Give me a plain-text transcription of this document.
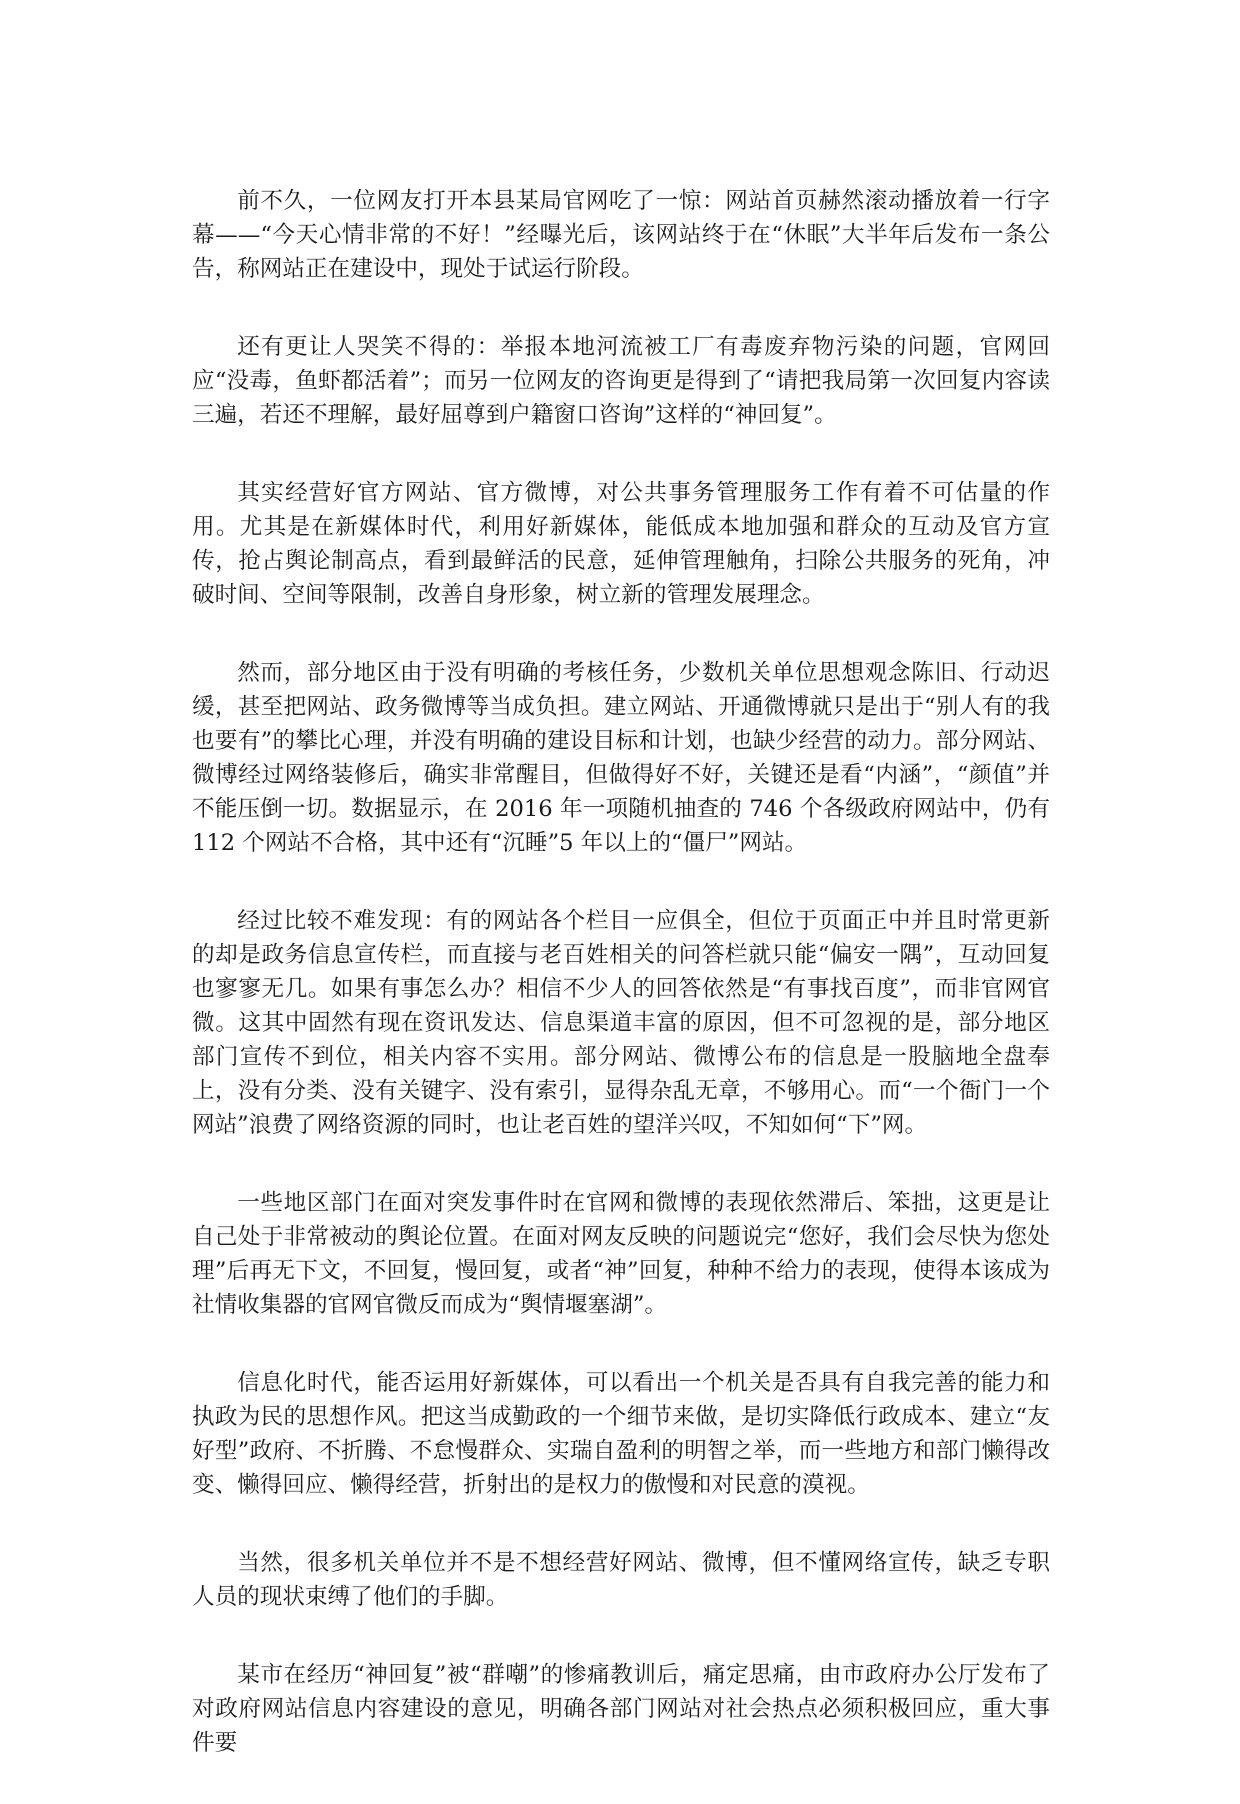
前不久，一位网友打开本县某局官网吃了一惊：网站首页赫然滚动播放着一行字幕——“今天心情非常的不好！”经曝光后，该网站终于在“休眠”大半年后发布一条公告，称网站正在建设中，现处于试运行阶段。

还有更让人哭笑不得的：举报本地河流被工厂有毒废弃物污染的问题，官网回应“没毒，鱼虾都活着”；而另一位网友的咨询更是得到了“请把我局第一次回复内容读三遍，若还不理解，最好屈尊到户籍窗口咨询”这样的“神回复”。

其实经营好官方网站、官方微博，对公共事务管理服务工作有着不可估量的作用。尤其是在新媒体时代，利用好新媒体，能低成本地加强和群众的互动及官方宣传，抢占舆论制高点，看到最鲜活的民意，延伸管理触角，扫除公共服务的死角，冲破时间、空间等限制，改善自身形象，树立新的管理发展理念。

然而，部分地区由于没有明确的考核任务，少数机关单位思想观念陈旧、行动迟缓，甚至把网站、政务微博等当成负担。建立网站、开通微博就只是出于“别人有的我也要有”的攀比心理，并没有明确的建设目标和计划，也缺少经营的动力。部分网站、微博经过网络装修后，确实非常醒目，但做得好不好，关键还是看“内涵”，“颜值”并不能压倒一切。数据显示，在 2016 年一项随机抽查的 746 个各级政府网站中，仍有 112 个网站不合格，其中还有“沉睡”5 年以上的“僵尸”网站。

经过比较不难发现：有的网站各个栏目一应俱全，但位于页面正中并且时常更新的却是政务信息宣传栏，而直接与老百姓相关的问答栏就只能“偏安一隅”，互动回复也寥寥无几。如果有事怎么办？相信不少人的回答依然是“有事找百度”，而非官网官微。这其中固然有现在资讯发达、信息渠道丰富的原因，但不可忽视的是，部分地区部门宣传不到位，相关内容不实用。部分网站、微博公布的信息是一股脑地全盘奉上，没有分类、没有关键字、没有索引，显得杂乱无章，不够用心。而“一个衙门一个网站”浪费了网络资源的同时，也让老百姓的望洋兴叹，不知如何“下”网。

一些地区部门在面对突发事件时在官网和微博的表现依然滞后、笨拙，这更是让自己处于非常被动的舆论位置。在面对网友反映的问题说完“您好，我们会尽快为您处理”后再无下文，不回复，慢回复，或者“神”回复，种种不给力的表现，使得本该成为社情收集器的官网官微反而成为“舆情堰塞湖”。

信息化时代，能否运用好新媒体，可以看出一个机关是否具有自我完善的能力和执政为民的思想作风。把这当成勤政的一个细节来做，是切实降低行政成本、建立“友好型”政府、不折腾、不怠慢群众、实瑞自盈利的明智之举，而一些地方和部门懒得改变、懒得回应、懒得经营，折射出的是权力的傲慢和对民意的漠视。

当然，很多机关单位并不是不想经营好网站、微博，但不懂网络宣传，缺乏专职人员的现状束缚了他们的手脚。

某市在经历“神回复”被“群嘲”的惨痛教训后，痛定思痛，由市政府办公厅发布了对政府网站信息内容建设的意见，明确各部门网站对社会热点必须积极回应，重大事件要
